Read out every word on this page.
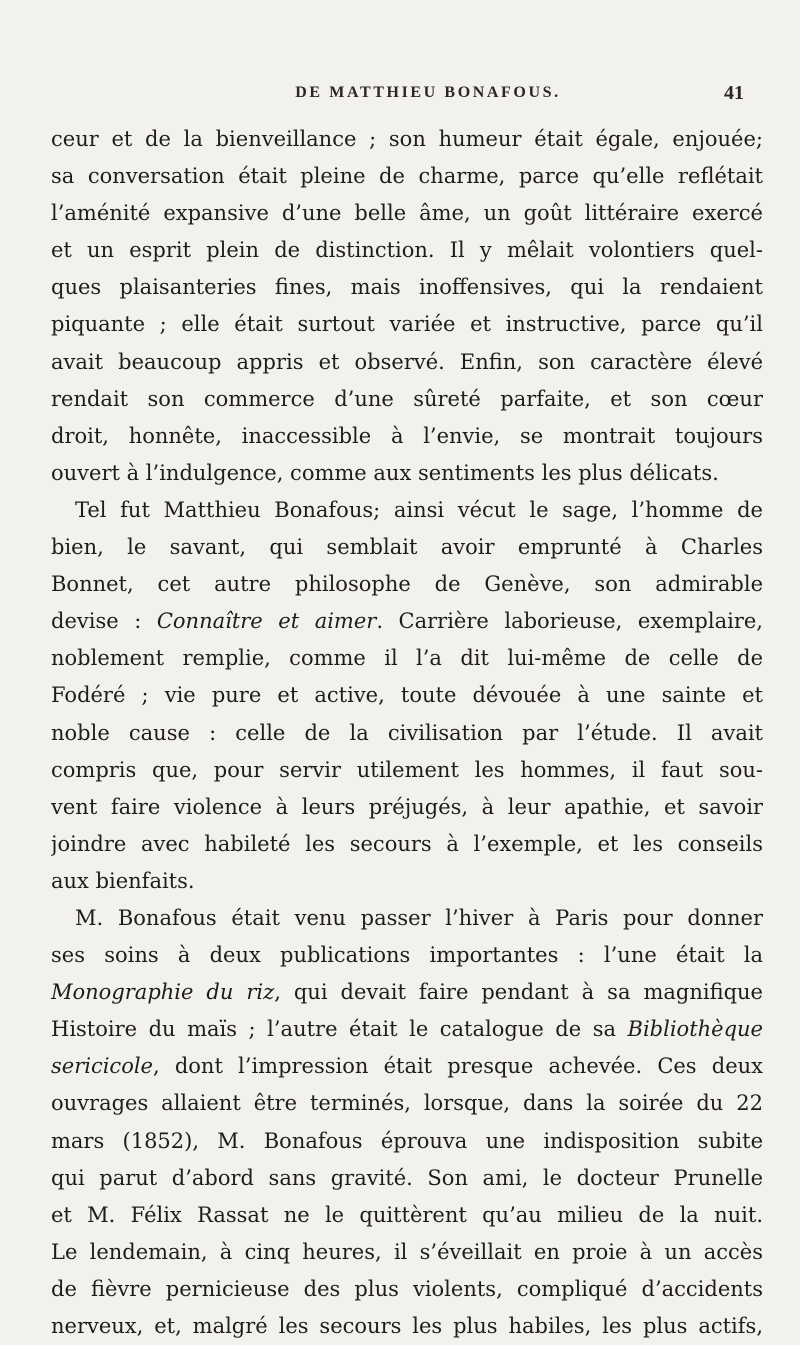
DE MATTHIEU BONAFOUS.	41
ceur et de la bienveillance ; son humeur était égale, enjouée;
sa conversation était pleine de charme, parce qu’elle reflétait
l’aménité expansive d’une belle âme, un goût littéraire exercé
et un esprit plein de distinction. Il y mêlait volontiers quel-
ques plaisanteries fines, mais inoffensives, qui la rendaient
piquante ; elle était surtout variée et instructive, parce qu’il
avait beaucoup appris et observé. Enfin, son caractère élevé
rendait son commerce d’une sûreté parfaite, et son cœur
droit, honnête, inaccessible à l’envie, se montrait toujours
ouvert à l’indulgence, comme aux sentiments les plus délicats.
Tel fut Matthieu Bonafous; ainsi vécut le sage, l’homme de
bien, le savant, qui semblait avoir emprunté à Charles
Bonnet, cet autre philosophe de Genève, son admirable
devise : Connaître et aimer. Carrière laborieuse, exemplaire,
noblement remplie, comme il l’a dit lui-même de celle de
Fodéré ; vie pure et active, toute dévouée à une sainte et
noble cause : celle de la civilisation par l’étude. Il avait
compris que, pour servir utilement les hommes, il faut sou-
vent faire violence à leurs préjugés, à leur apathie, et savoir
joindre avec habileté les secours à l’exemple, et les conseils
aux bienfaits.
M. Bonafous était venu passer l’hiver à Paris pour donner
ses soins à deux publications importantes : l’une était la
Monographie du riz, qui devait faire pendant à sa magnifique
Histoire du maïs ; l’autre était le catalogue de sa Bibliothèque
sericicole, dont l’impression était presque achevée. Ces deux
ouvrages allaient être terminés, lorsque, dans la soirée du 22
mars (1852), M. Bonafous éprouva une indisposition subite
qui parut d’abord sans gravité. Son ami, le docteur Prunelle
et M. Félix Rassat ne le quittèrent qu’au milieu de la nuit.
Le lendemain, à cinq heures, il s’éveillait en proie à un accès
de fièvre pernicieuse des plus violents, compliqué d’accidents
nerveux, et, malgré les secours les plus habiles, les plus actifs,
